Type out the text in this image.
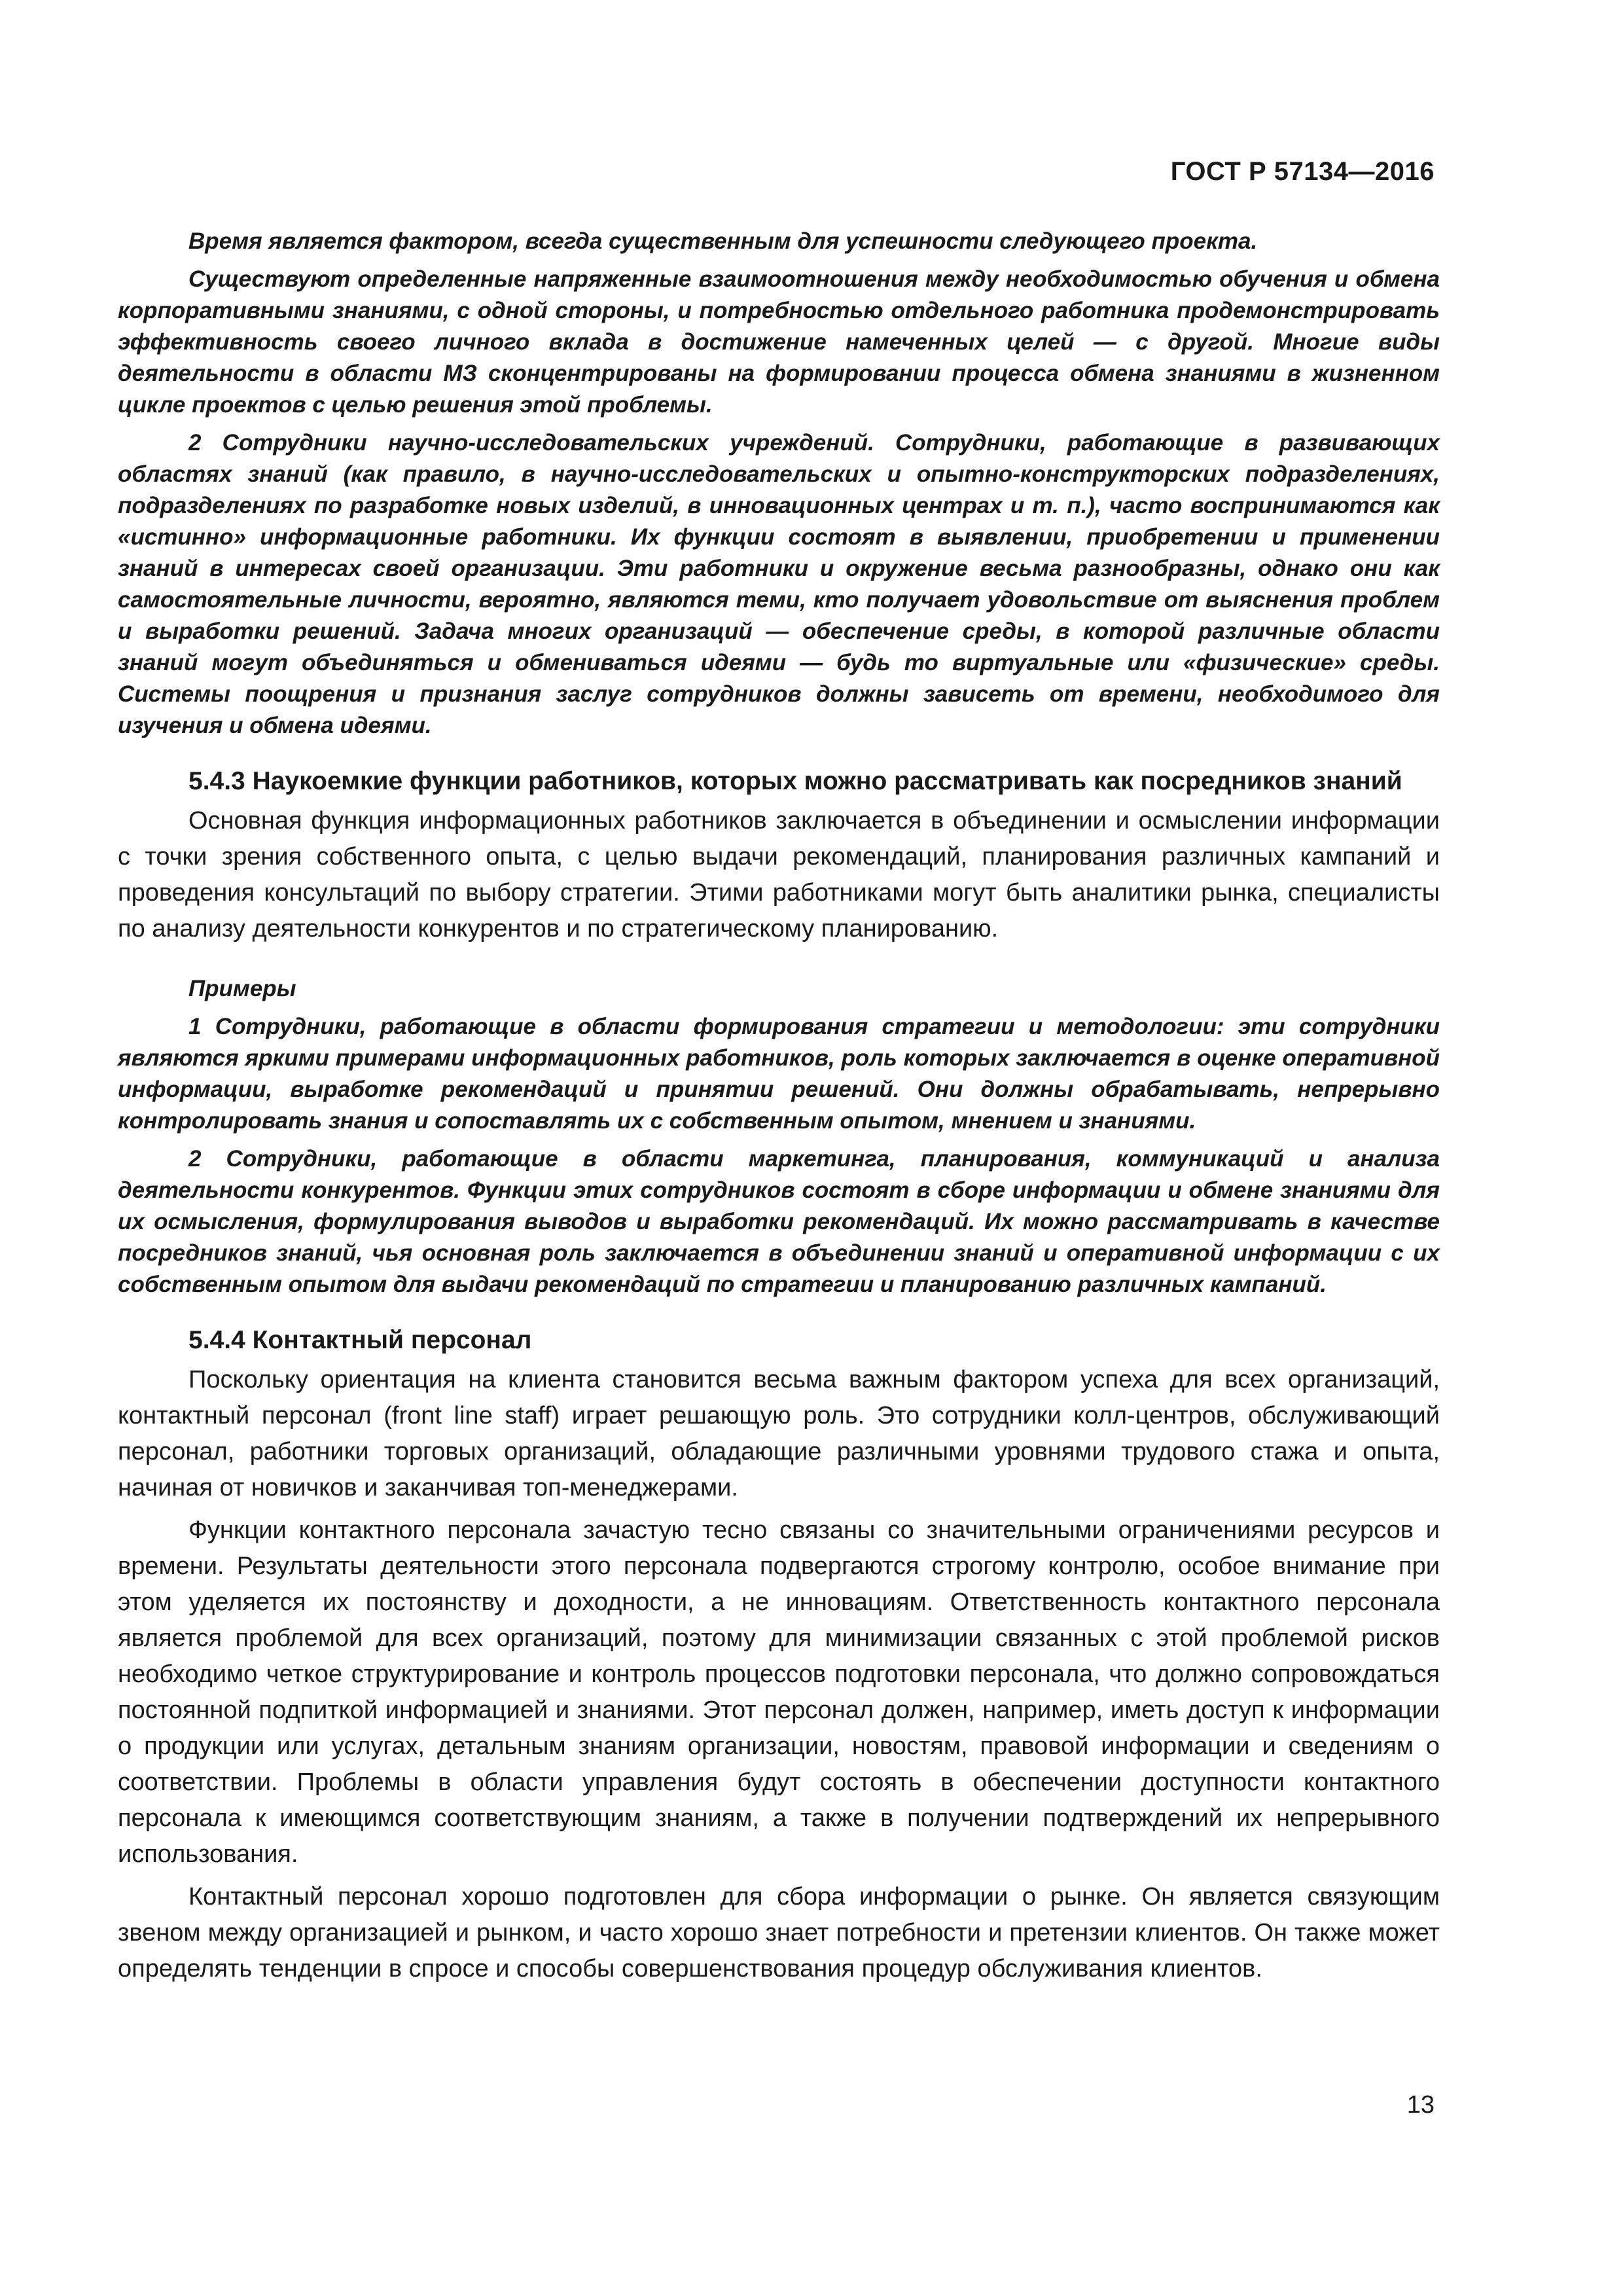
ГОСТ Р 57134—2016

Время является фактором, всегда существенным для успешности следующего проекта.

Существуют определенные напряженные взаимоотношения между необходимостью обучения и обмена корпоративными знаниями, с одной стороны, и потребностью отдельного работника продемонстрировать эффективность своего личного вклада в достижение намеченных целей — с другой. Многие виды деятельности в области МЗ сконцентрированы на формировании процесса обмена знаниями в жизненном цикле проектов с целью решения этой проблемы.

2 Сотрудники научно-исследовательских учреждений. Сотрудники, работающие в развивающих областях знаний (как правило, в научно-исследовательских и опытно-конструкторских подразделениях, подразделениях по разработке новых изделий, в инновационных центрах и т. п.), часто воспринимаются как «истинно» информационные работники. Их функции состоят в выявлении, приобретении и применении знаний в интересах своей организации. Эти работники и окружение весьма разнообразны, однако они как самостоятельные личности, вероятно, являются теми, кто получает удовольствие от выяснения проблем и выработки решений. Задача многих организаций — обеспечение среды, в которой различные области знаний могут объединяться и обмениваться идеями — будь то виртуальные или «физические» среды. Системы поощрения и признания заслуг сотрудников должны зависеть от времени, необходимого для изучения и обмена идеями.

5.4.3 Наукоемкие функции работников, которых можно рассматривать как посредников знаний

Основная функция информационных работников заключается в объединении и осмыслении информации с точки зрения собственного опыта, с целью выдачи рекомендаций, планирования различных кампаний и проведения консультаций по выбору стратегии. Этими работниками могут быть аналитики рынка, специалисты по анализу деятельности конкурентов и по стратегическому планированию.

Примеры

1 Сотрудники, работающие в области формирования стратегии и методологии: эти сотрудники являются яркими примерами информационных работников, роль которых заключается в оценке оперативной информации, выработке рекомендаций и принятии решений. Они должны обрабатывать, непрерывно контролировать знания и сопоставлять их с собственным опытом, мнением и знаниями.

2 Сотрудники, работающие в области маркетинга, планирования, коммуникаций и анализа деятельности конкурентов. Функции этих сотрудников состоят в сборе информации и обмене знаниями для их осмысления, формулирования выводов и выработки рекомендаций. Их можно рассматривать в качестве посредников знаний, чья основная роль заключается в объединении знаний и оперативной информации с их собственным опытом для выдачи рекомендаций по стратегии и планированию различных кампаний.

5.4.4 Контактный персонал

Поскольку ориентация на клиента становится весьма важным фактором успеха для всех организаций, контактный персонал (front line staff) играет решающую роль. Это сотрудники колл-центров, обслуживающий персонал, работники торговых организаций, обладающие различными уровнями трудового стажа и опыта, начиная от новичков и заканчивая топ-менеджерами.

Функции контактного персонала зачастую тесно связаны со значительными ограничениями ресурсов и времени. Результаты деятельности этого персонала подвергаются строгому контролю, особое внимание при этом уделяется их постоянству и доходности, а не инновациям. Ответственность контактного персонала является проблемой для всех организаций, поэтому для минимизации связанных с этой проблемой рисков необходимо четкое структурирование и контроль процессов подготовки персонала, что должно сопровождаться постоянной подпиткой информацией и знаниями. Этот персонал должен, например, иметь доступ к информации о продукции или услугах, детальным знаниям организации, новостям, правовой информации и сведениям о соответствии. Проблемы в области управления будут состоять в обеспечении доступности контактного персонала к имеющимся соответствующим знаниям, а также в получении подтверждений их непрерывного использования.

Контактный персонал хорошо подготовлен для сбора информации о рынке. Он является связующим звеном между организацией и рынком, и часто хорошо знает потребности и претензии клиентов. Он также может определять тенденции в спросе и способы совершенствования процедур обслуживания клиентов.

13
